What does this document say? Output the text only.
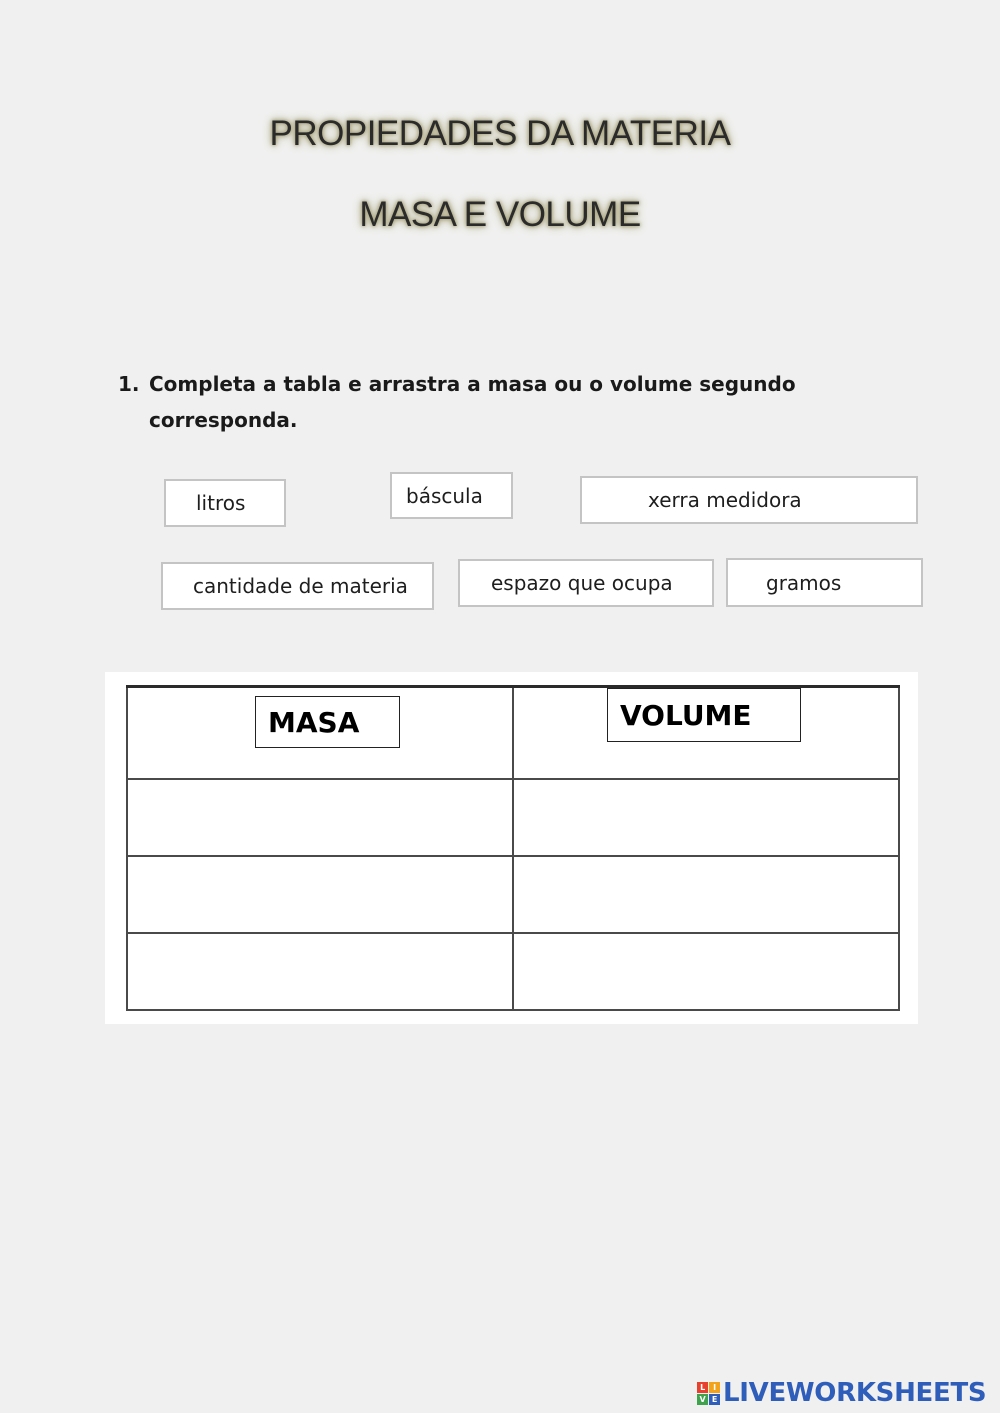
PROPIEDADES DA MATERIA
MASA E VOLUME
1. Completa a tabla e arrastra a masa ou o volume segundo corresponda.
litros	báscula	xerra medidora
cantidade de materia	espazo que ocupa	gramos

MASA	VOLUME
L	I
V E LIVEWORKSHEETS
